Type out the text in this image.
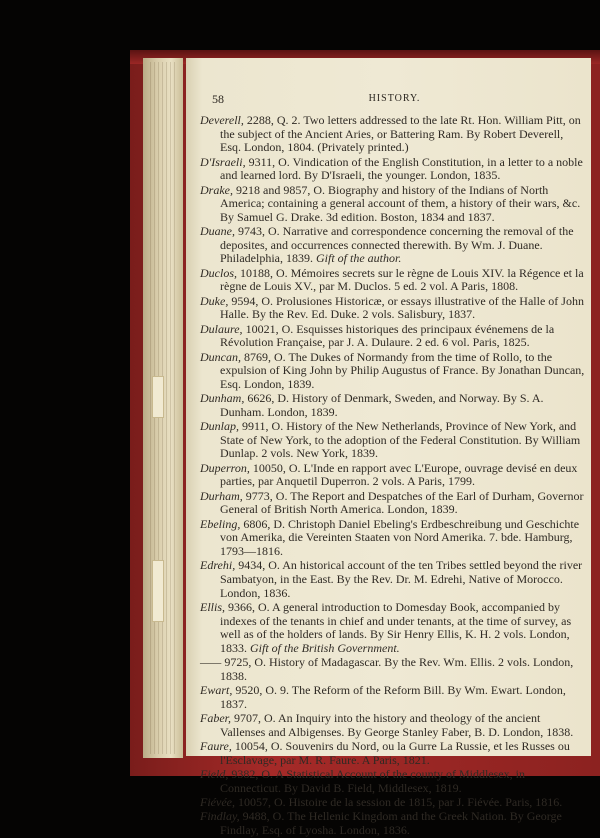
58	HISTORY.

Deverell, 2288, Q. 2. Two letters addressed to the late Rt. Hon. William Pitt, on the subject of the Ancient Aries, or Battering Ram. By Robert Deverell, Esq. London, 1804. (Privately printed.)

D'Israeli, 9311, O. Vindication of the English Constitution, in a letter to a noble and learned lord. By D'Israeli, the younger. London, 1835.

Drake, 9218 and 9857, O. Biography and history of the Indians of North America; containing a general account of them, a history of their wars, &c. By Samuel G. Drake. 3d edition. Boston, 1834 and 1837.

Duane, 9743, O. Narrative and correspondence concerning the removal of the deposites, and occurrences connected therewith. By Wm. J. Duane. Philadelphia, 1839. Gift of the author.

Duclos, 10188, O. Mémoires secrets sur le règne de Louis XIV. la Régence et la règne de Louis XV., par M. Duclos. 5 ed. 2 vol. A Paris, 1808.

Duke, 9594, O. Prolusiones Historicæ, or essays illustrative of the Halle of John Halle. By the Rev. Ed. Duke. 2 vols. Salisbury, 1837.

Dulaure, 10021, O. Esquisses historiques des principaux événemens de la Révolution Française, par J. A. Dulaure. 2 ed. 6 vol. Paris, 1825.

Duncan, 8769, O. The Dukes of Normandy from the time of Rollo, to the expulsion of King John by Philip Augustus of France. By Jonathan Duncan, Esq. London, 1839.

Dunham, 6626, D. History of Denmark, Sweden, and Norway. By S. A. Dunham. London, 1839.

Dunlap, 9911, O. History of the New Netherlands, Province of New York, and State of New York, to the adoption of the Federal Constitution. By William Dunlap. 2 vols. New York, 1839.

Duperron, 10050, O. L'Inde en rapport avec L'Europe, ouvrage devisé en deux parties, par Anquetil Duperron. 2 vols. A Paris, 1799.

Durham, 9773, O. The Report and Despatches of the Earl of Durham, Governor General of British North America. London, 1839.

Ebeling, 6806, D. Christoph Daniel Ebeling's Erdbeschreibung und Geschichte von Amerika, die Vereinten Staaten von Nord Amerika. 7. bde. Hamburg, 1793—1816.

Edrehi, 9434, O. An historical account of the ten Tribes settled beyond the river Sambatyon, in the East. By the Rev. Dr. M. Edrehi, Native of Morocco. London, 1836.

Ellis, 9366, O. A general introduction to Domesday Book, accompanied by indexes of the tenants in chief and under tenants, at the time of survey, as well as of the holders of lands. By Sir Henry Ellis, K. H. 2 vols. London, 1833. Gift of the British Government.

—— 9725, O. History of Madagascar. By the Rev. Wm. Ellis. 2 vols. London, 1838.

Ewart, 9520, O. 9. The Reform of the Reform Bill. By Wm. Ewart. London, 1837.

Faber, 9707, O. An Inquiry into the history and theology of the ancient Vallenses and Albigenses. By George Stanley Faber, B. D. London, 1838.

Faure, 10054, O. Souvenirs du Nord, ou la Gurre La Russie, et les Russes ou l'Esclavage, par M. R. Faure. A Paris, 1821.

Field, 9382, O. A Statistical Account of the county of Middlesex, in Connecticut. By David B. Field, Middlesex, 1819.

Fiévée, 10057, O. Histoire de la session de 1815, par J. Fiévée. Paris, 1816.

Findlay, 9488, O. The Hellenic Kingdom and the Greek Nation. By George Findlay, Esq. of Lyosha. London, 1836.
